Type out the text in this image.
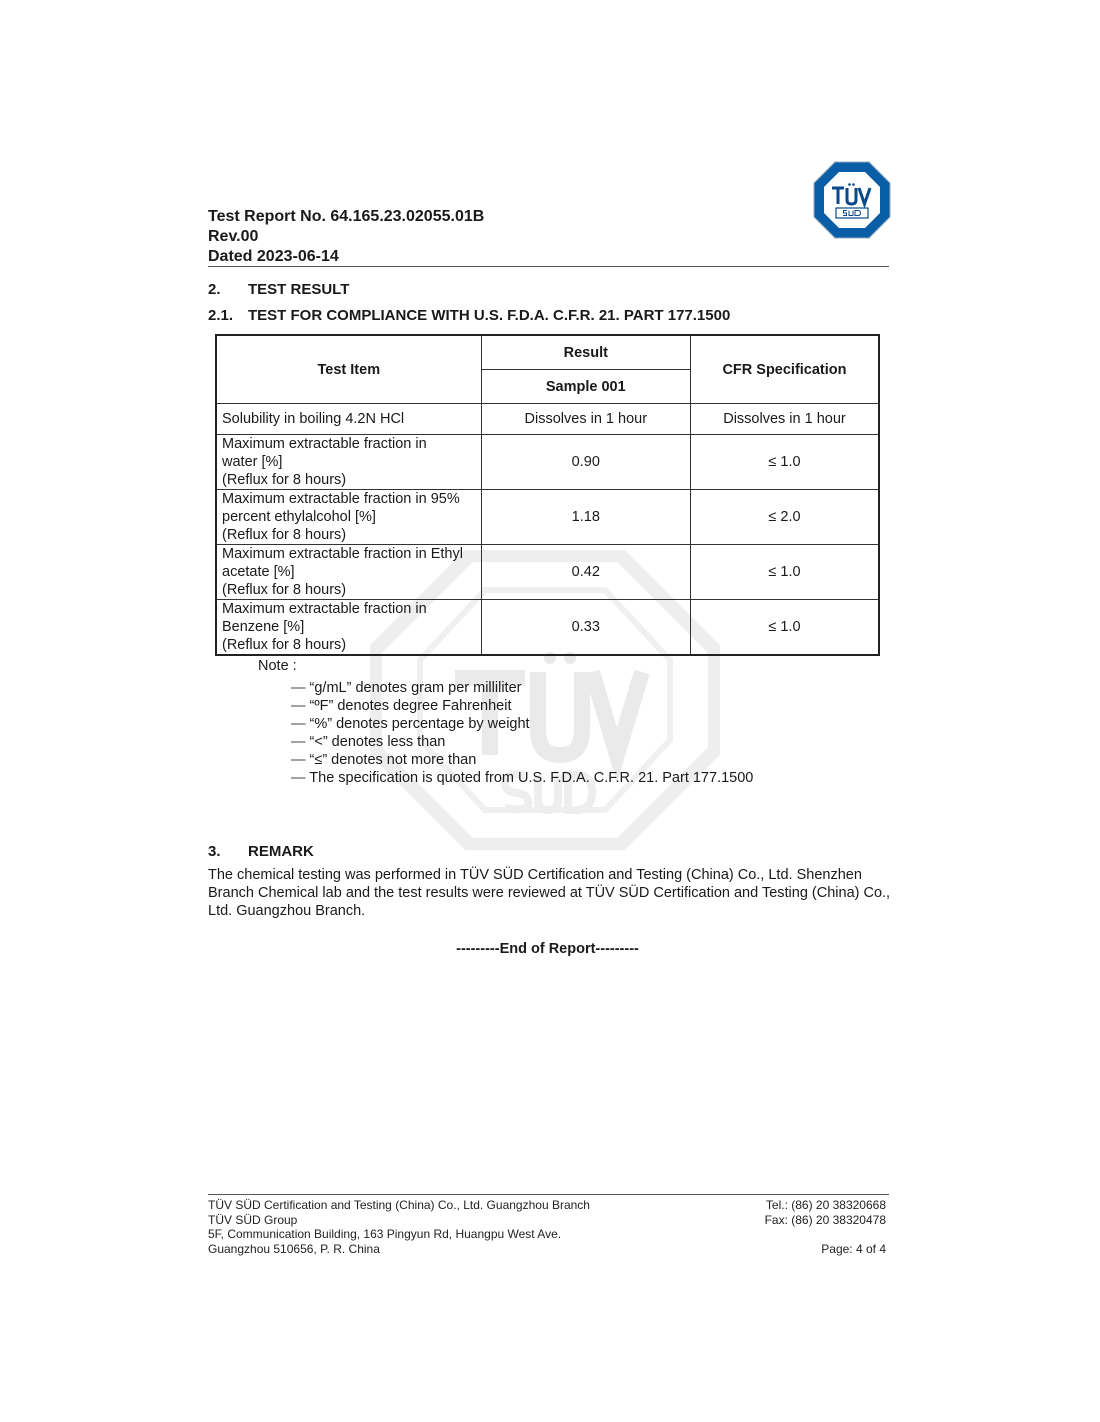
Test Report No. 64.165.23.02055.01B
Rev.00
Dated 2023-06-14
2. TEST RESULT
2.1. TEST FOR COMPLIANCE WITH U.S. F.D.A. C.F.R. 21. PART 177.1500
Test Item	Result	CFR Specification
	Sample 001	

Solubility in boiling 4.2N HCl	Dissolves in 1 hour	Dissolves in 1 hour

Maximum extractable fraction in
water [%]
(Reflux for 8 hours)	0.90	≤ 1.0

Maximum extractable fraction in 95%
percent ethylalcohol [%]
(Reflux for 8 hours)	1.18	≤ 2.0

Maximum extractable fraction in Ethyl
acetate [%]
(Reflux for 8 hours)	0.42	≤ 1.0

Maximum extractable fraction in
Benzene [%]
(Reflux for 8 hours)	0.33	≤ 1.0
Note :
— “g/mL” denotes gram per milliliter
— “ºF” denotes degree Fahrenheit
— “%” denotes percentage by weight
— “<” denotes less than
— “≤” denotes not more than
— The specification is quoted from U.S. F.D.A. C.F.R. 21. Part 177.1500
3. REMARK
The chemical testing was performed in TÜV SÜD Certification and Testing (China) Co., Ltd. Shenzhen Branch Chemical lab and the test results were reviewed at TÜV SÜD Certification and Testing (China) Co., Ltd. Guangzhou Branch.
---------End of Report---------
TÜV SÜD Certification and Testing (China) Co., Ltd. Guangzhou Branch
TÜV SÜD Group
5F, Communication Building, 163 Pingyun Rd, Huangpu West Ave.
Guangzhou 510656, P. R. China
Tel.: (86) 20 38320668
Fax: (86) 20 38320478
Page: 4 of 4
